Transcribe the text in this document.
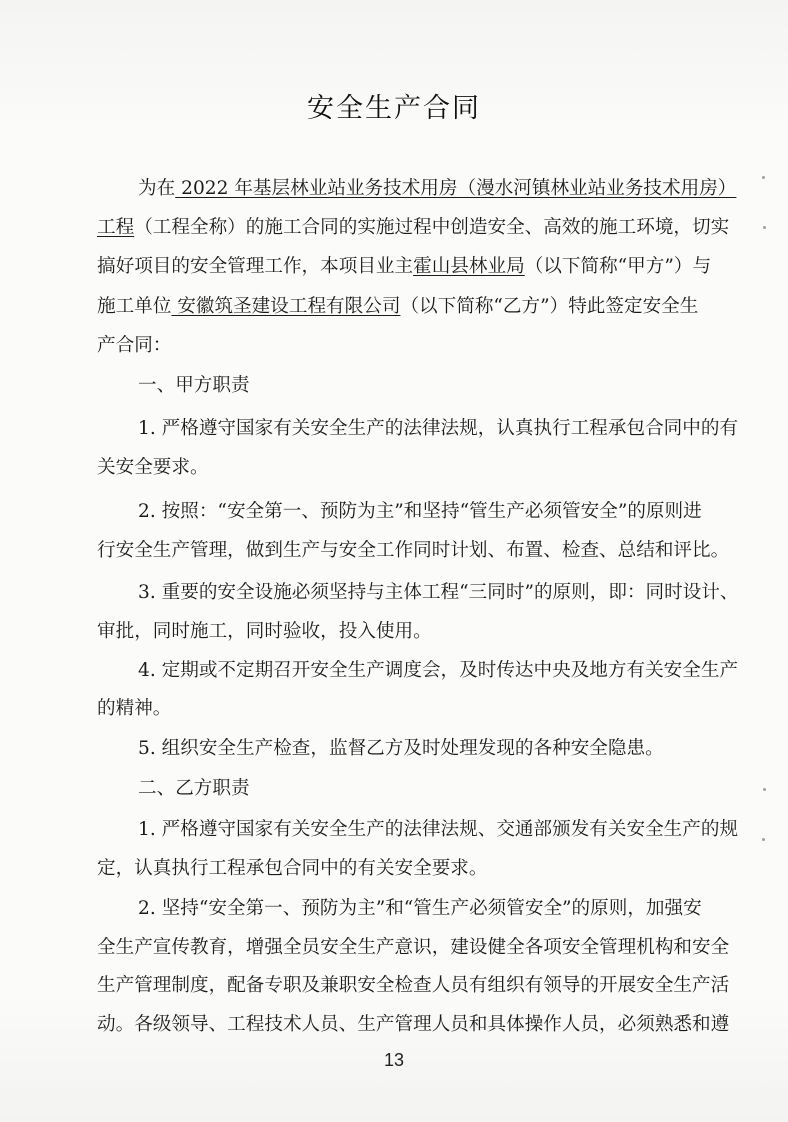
安全生产合同
为在 2022 年基层林业站业务技术用房（漫水河镇林业站业务技术用房）
工程（工程全称）的施工合同的实施过程中创造安全、高效的施工环境，切实
搞好项目的安全管理工作，本项目业主霍山县林业局（以下简称“甲方”）与
施工单位 安徽筑圣建设工程有限公司（以下简称“乙方”）特此签定安全生
产合同：
一、甲方职责
1. 严格遵守国家有关安全生产的法律法规，认真执行工程承包合同中的有
关安全要求。
2. 按照：“安全第一、预防为主”和坚持“管生产必须管安全”的原则进
行安全生产管理，做到生产与安全工作同时计划、布置、检查、总结和评比。
3. 重要的安全设施必须坚持与主体工程“三同时”的原则，即：同时设计、
审批，同时施工，同时验收，投入使用。
4. 定期或不定期召开安全生产调度会，及时传达中央及地方有关安全生产
的精神。
5. 组织安全生产检查，监督乙方及时处理发现的各种安全隐患。
二、乙方职责
1. 严格遵守国家有关安全生产的法律法规、交通部颁发有关安全生产的规
定，认真执行工程承包合同中的有关安全要求。
2. 坚持“安全第一、预防为主”和“管生产必须管安全”的原则，加强安
全生产宣传教育，增强全员安全生产意识，建设健全各项安全管理机构和安全
生产管理制度，配备专职及兼职安全检查人员有组织有领导的开展安全生产活
动。各级领导、工程技术人员、生产管理人员和具体操作人员，必须熟悉和遵
13
